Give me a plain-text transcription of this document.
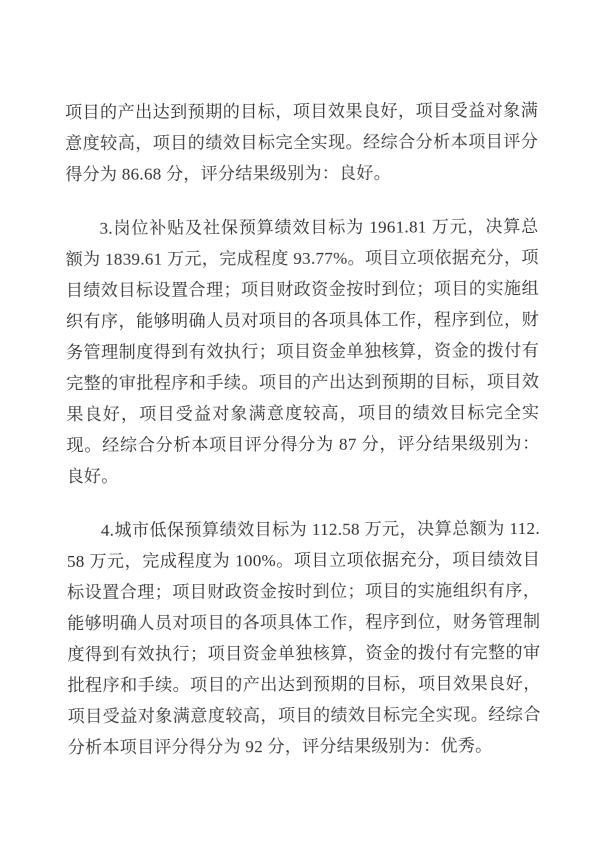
项目的产出达到预期的目标，项目效果良好，项目受益对象满意度较高，项目的绩效目标完全实现。经综合分析本项目评分得分为 86.68 分，评分结果级别为：良好。

3.岗位补贴及社保预算绩效目标为 1961.81 万元，决算总额为 1839.61 万元，完成程度 93.77%。项目立项依据充分，项目绩效目标设置合理；项目财政资金按时到位；项目的实施组织有序，能够明确人员对项目的各项具体工作，程序到位，财务管理制度得到有效执行；项目资金单独核算，资金的拨付有完整的审批程序和手续。项目的产出达到预期的目标，项目效果良好，项目受益对象满意度较高，项目的绩效目标完全实现。经综合分析本项目评分得分为 87 分，评分结果级别为：良好。

4.城市低保预算绩效目标为 112.58 万元，决算总额为 112.58 万元，完成程度为 100%。项目立项依据充分，项目绩效目标设置合理；项目财政资金按时到位；项目的实施组织有序，能够明确人员对项目的各项具体工作，程序到位，财务管理制度得到有效执行；项目资金单独核算，资金的拨付有完整的审批程序和手续。项目的产出达到预期的目标，项目效果良好，项目受益对象满意度较高，项目的绩效目标完全实现。经综合分析本项目评分得分为 92 分，评分结果级别为：优秀。
